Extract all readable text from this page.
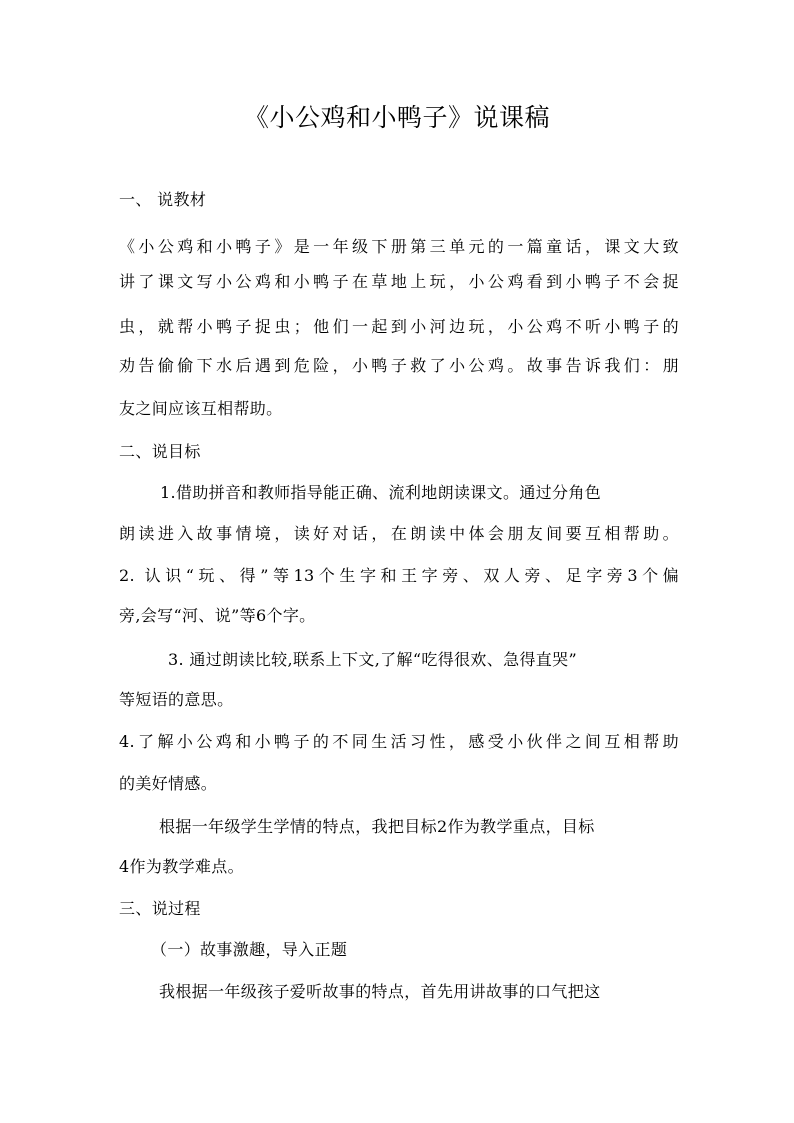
《小公鸡和小鸭子》说课稿
一、 说教材
《小公鸡和小鸭子》是一年级下册第三单元的一篇童话，课文大致
讲了课文写小公鸡和小鸭子在草地上玩，小公鸡看到小鸭子不会捉
虫，就帮小鸭子捉虫；他们一起到小河边玩，小公鸡不听小鸭子的
劝告偷偷下水后遇到危险，小鸭子救了小公鸡。故事告诉我们：朋
友之间应该互相帮助。
二、说目标
1.借助拼音和教师指导能正确、流利地朗读课文。通过分角色
朗读进入故事情境，读好对话，在朗读中体会朋友间要互相帮助。
2. 认识“玩、得”等13个生字和王字旁、双人旁、足字旁3个偏
旁,会写“河、说”等6个字。
3. 通过朗读比较,联系上下文,了解“吃得很欢、急得直哭”
等短语的意思。
4.了解小公鸡和小鸭子的不同生活习性，感受小伙伴之间互相帮助
的美好情感。
根据一年级学生学情的特点，我把目标2作为教学重点，目标
4作为教学难点。
三、说过程
（一）故事激趣，导入正题
我根据一年级孩子爱听故事的特点，首先用讲故事的口气把这
